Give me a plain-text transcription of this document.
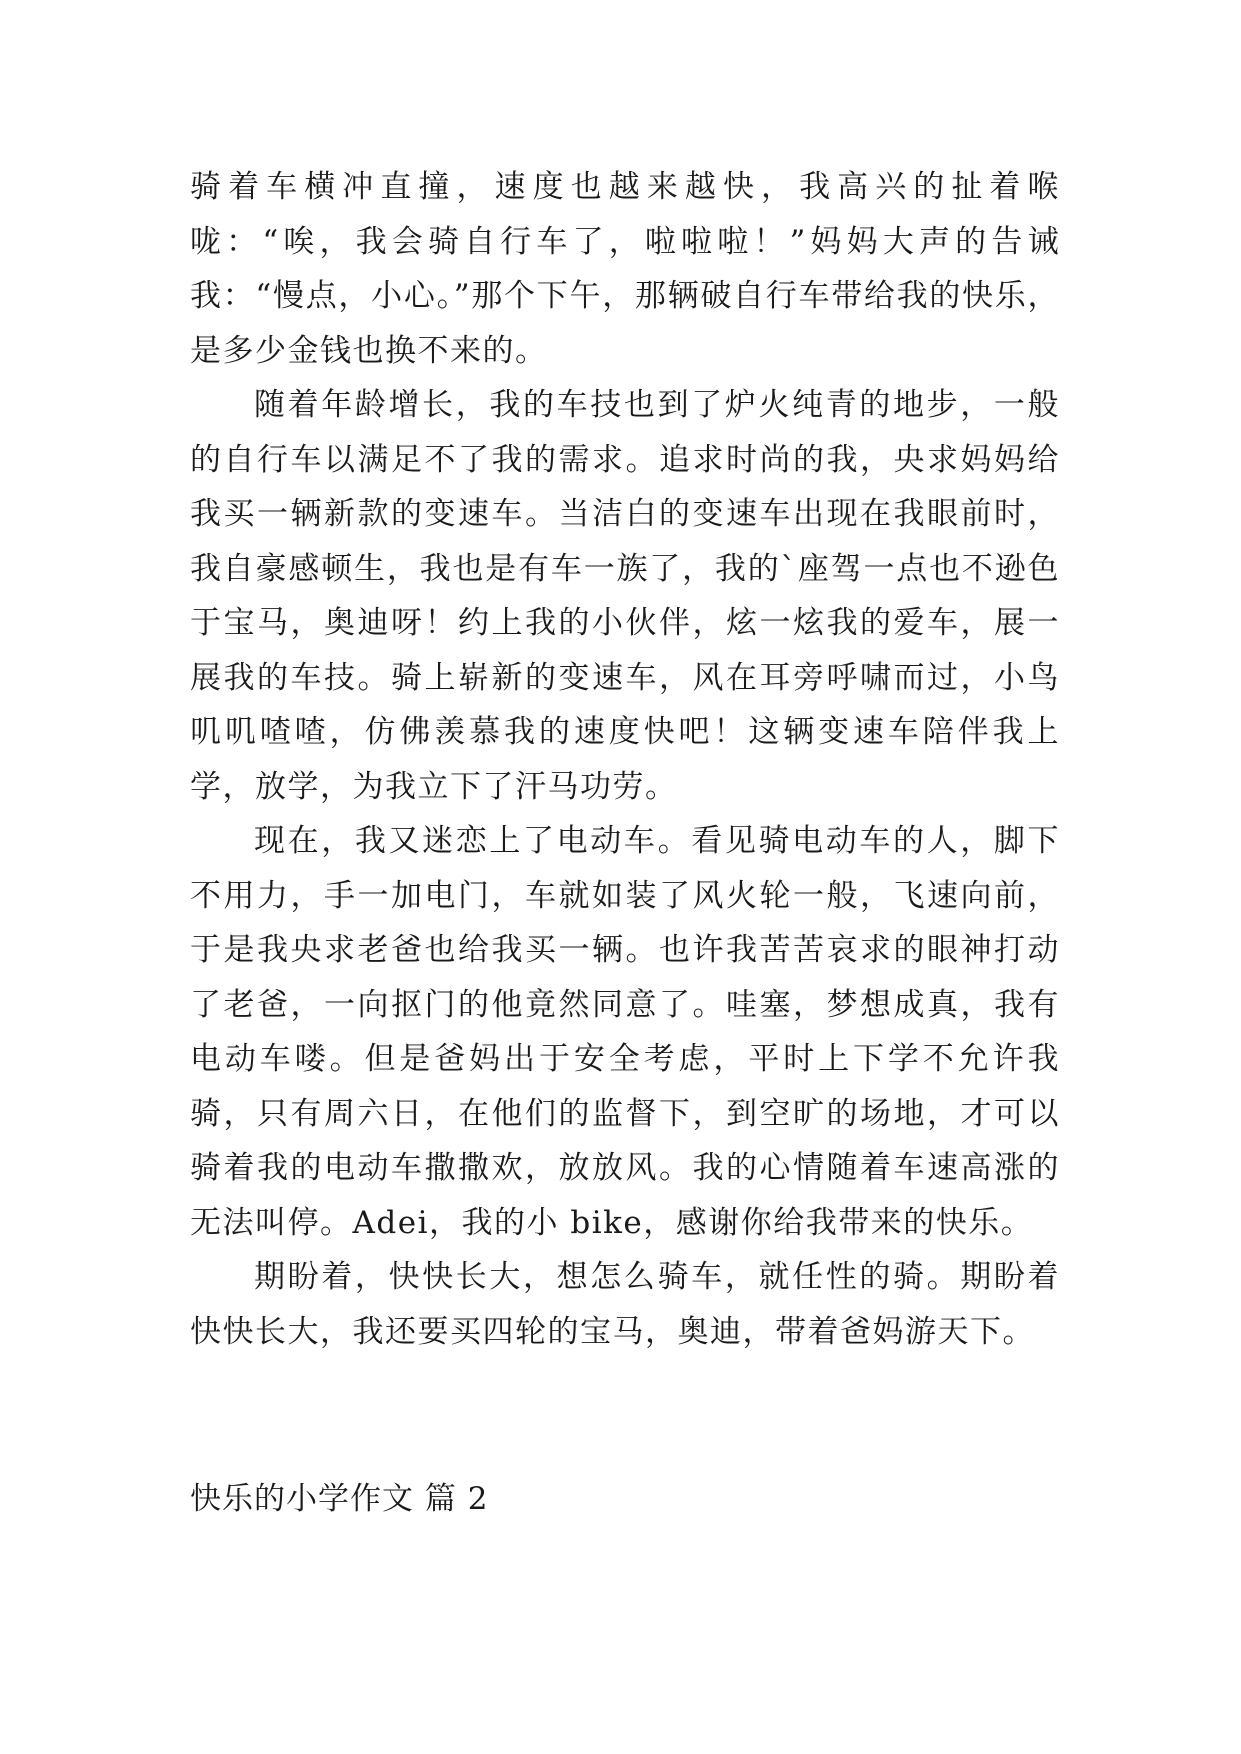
骑着车横冲直撞，速度也越来越快，我高兴的扯着喉咙：“唉，我会骑自行车了，啦啦啦！”妈妈大声的告诫我：“慢点，小心。”那个下午，那辆破自行车带给我的快乐，是多少金钱也换不来的。

随着年龄增长，我的车技也到了炉火纯青的地步，一般的自行车以满足不了我的需求。追求时尚的我，央求妈妈给我买一辆新款的变速车。当洁白的变速车出现在我眼前时，我自豪感顿生，我也是有车一族了，我的`座驾一点也不逊色于宝马，奥迪呀！约上我的小伙伴，炫一炫我的爱车，展一展我的车技。骑上崭新的变速车，风在耳旁呼啸而过，小鸟叽叽喳喳，仿佛羡慕我的速度快吧！这辆变速车陪伴我上学，放学，为我立下了汗马功劳。

现在，我又迷恋上了电动车。看见骑电动车的人，脚下不用力，手一加电门，车就如装了风火轮一般，飞速向前，于是我央求老爸也给我买一辆。也许我苦苦哀求的眼神打动了老爸，一向抠门的他竟然同意了。哇塞，梦想成真，我有电动车喽。但是爸妈出于安全考虑，平时上下学不允许我骑，只有周六日，在他们的监督下，到空旷的场地，才可以骑着我的电动车撒撒欢，放放风。我的心情随着车速高涨的无法叫停。Adei，我的小 bike，感谢你给我带来的快乐。

期盼着，快快长大，想怎么骑车，就任性的骑。期盼着快快长大，我还要买四轮的宝马，奥迪，带着爸妈游天下。

快乐的小学作文 篇 2
